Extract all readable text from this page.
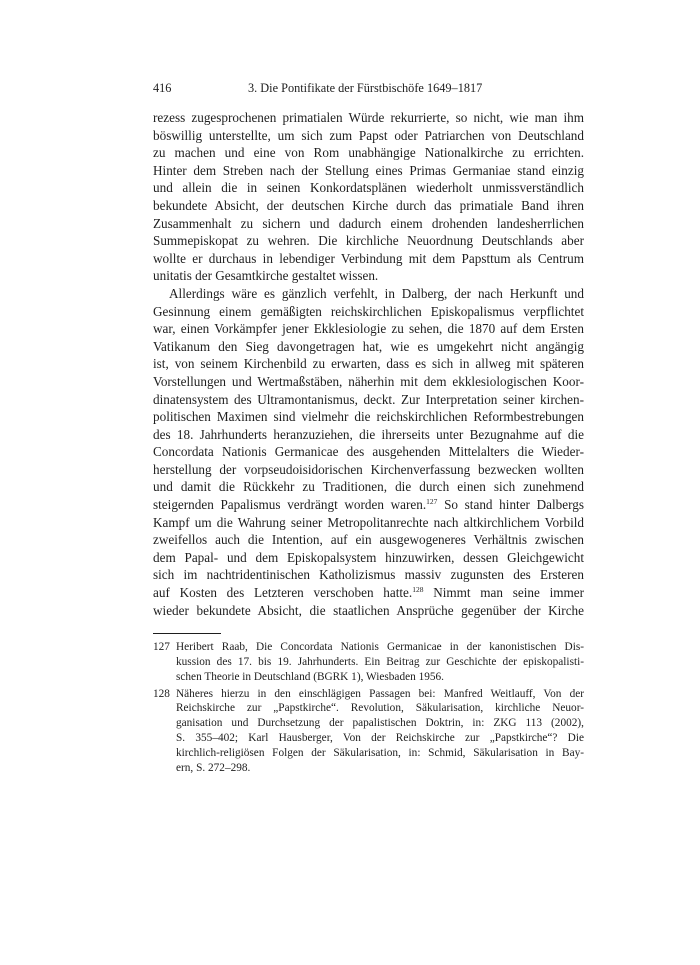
416	3. Die Pontifikate der Fürstbischöfe 1649–1817
rezess zugesprochenen primatialen Würde rekurrierte, so nicht, wie man ihm
böswillig unterstellte, um sich zum Papst oder Patriarchen von Deutschland
zu machen und eine von Rom unabhängige Nationalkirche zu errichten.
Hinter dem Streben nach der Stellung eines Primas Germaniae stand einzig
und allein die in seinen Konkordatsplänen wiederholt unmissverständlich
bekundete Absicht, der deutschen Kirche durch das primatiale Band ihren
Zusammenhalt zu sichern und dadurch einem drohenden landesherrlichen
Summepiskopat zu wehren. Die kirchliche Neuordnung Deutschlands aber
wollte er durchaus in lebendiger Verbindung mit dem Papsttum als Centrum
unitatis der Gesamtkirche gestaltet wissen.
Allerdings wäre es gänzlich verfehlt, in Dalberg, der nach Herkunft und
Gesinnung einem gemäßigten reichskirchlichen Episkopalismus verpflichtet
war, einen Vorkämpfer jener Ekklesiologie zu sehen, die 1870 auf dem Ersten
Vatikanum den Sieg davongetragen hat, wie es umgekehrt nicht angängig
ist, von seinem Kirchenbild zu erwarten, dass es sich in allweg mit späteren
Vorstellungen und Wertmaßstäben, näherhin mit dem ekklesiologischen Koor-
dinatensystem des Ultramontanismus, deckt. Zur Interpretation seiner kirchen-
politischen Maximen sind vielmehr die reichskirchlichen Reformbestrebungen
des 18. Jahrhunderts heranzuziehen, die ihrerseits unter Bezugnahme auf die
Concordata Nationis Germanicae des ausgehenden Mittelalters die Wieder-
herstellung der vorpseudoisidorischen Kirchenverfassung bezwecken wollten
und damit die Rückkehr zu Traditionen, die durch einen sich zunehmend
steigernden Papalismus verdrängt worden waren.$^{127}$ So stand hinter Dalbergs
Kampf um die Wahrung seiner Metropolitanrechte nach altkirchlichem Vorbild
zweifellos auch die Intention, auf ein ausgewogeneres Verhältnis zwischen
dem Papal- und dem Episkopalsystem hinzuwirken, dessen Gleichgewicht
sich im nachtridentinischen Katholizismus massiv zugunsten des Ersteren
auf Kosten des Letzteren verschoben hatte.$^{128}$ Nimmt man seine immer
wieder bekundete Absicht, die staatlichen Ansprüche gegenüber der Kirche
127 Heribert Raab, Die Concordata Nationis Germanicae in der kanonistischen Dis-
kussion des 17. bis 19. Jahrhunderts. Ein Beitrag zur Geschichte der episkopalisti-
schen Theorie in Deutschland (BGRK 1), Wiesbaden 1956.
128 Näheres hierzu in den einschlägigen Passagen bei: Manfred Weitlauff, Von der
Reichskirche zur „Papstkirche“. Revolution, Säkularisation, kirchliche Neuor-
ganisation und Durchsetzung der papalistischen Doktrin, in: ZKG 113 (2002),
S. 355–402; Karl Hausberger, Von der Reichskirche zur „Papstkirche“? Die
kirchlich-religiösen Folgen der Säkularisation, in: Schmid, Säkularisation in Bay-
ern, S. 272–298.
